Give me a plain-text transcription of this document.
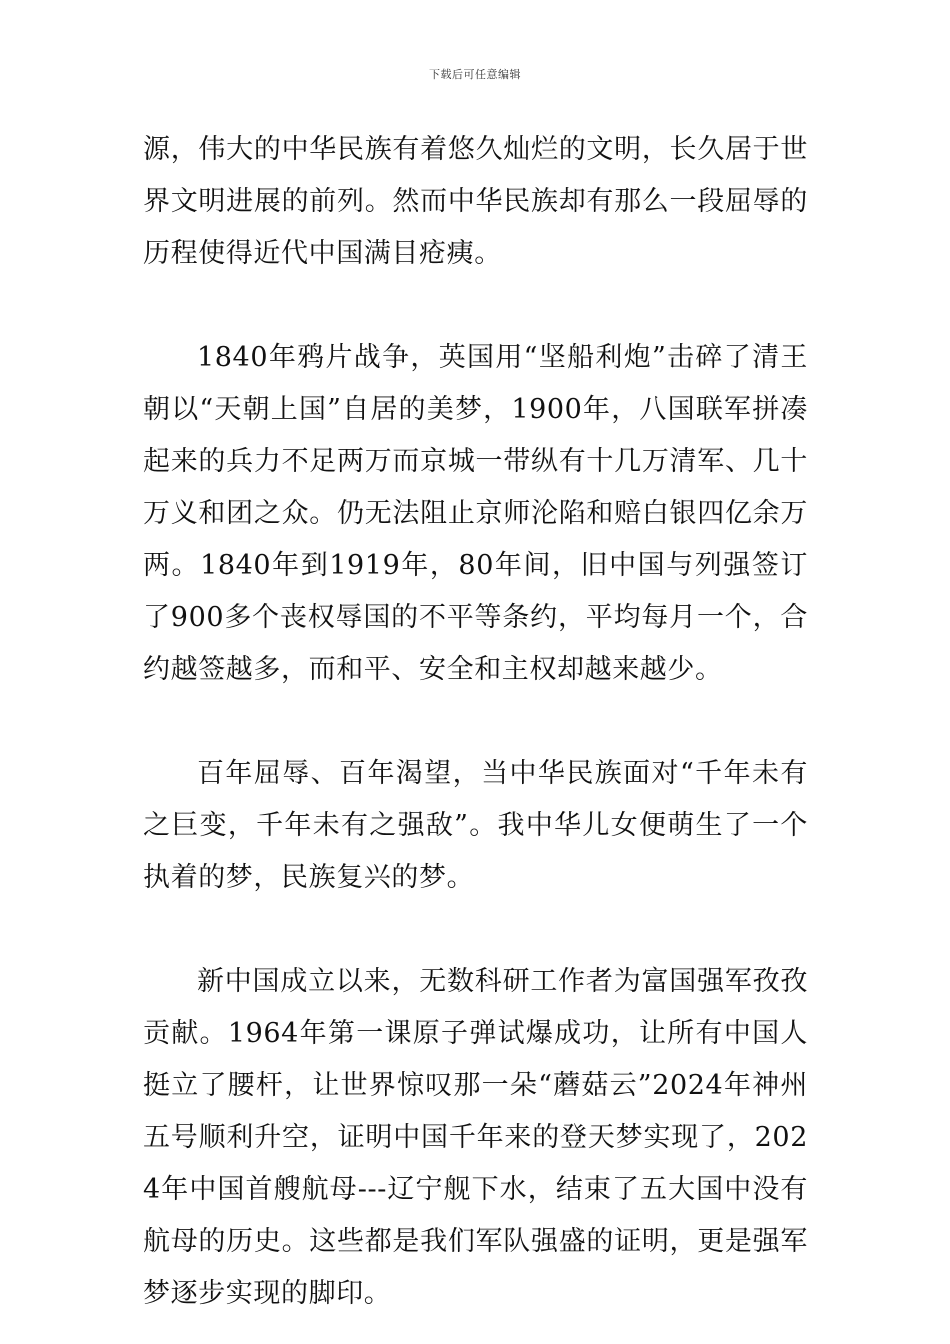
下载后可任意编辑

源，伟大的中华民族有着悠久灿烂的文明，长久居于世界文明进展的前列。然而中华民族却有那么一段屈辱的历程使得近代中国满目疮痍。

1840年鸦片战争，英国用“坚船利炮”击碎了清王朝以“天朝上国”自居的美梦，1900年，八国联军拼凑起来的兵力不足两万而京城一带纵有十几万清军、几十万义和团之众。仍无法阻止京师沦陷和赔白银四亿余万两。1840年到1919年，80年间，旧中国与列强签订了900多个丧权辱国的不平等条约，平均每月一个，合约越签越多，而和平、安全和主权却越来越少。

百年屈辱、百年渴望，当中华民族面对“千年未有之巨变，千年未有之强敌”。我中华儿女便萌生了一个执着的梦，民族复兴的梦。

新中国成立以来，无数科研工作者为富国强军孜孜贡献。1964年第一课原子弹试爆成功，让所有中国人挺立了腰杆，让世界惊叹那一朵“蘑菇云”2024年神州五号顺利升空，证明中国千年来的登天梦实现了，2024年中国首艘航母---辽宁舰下水，结束了五大国中没有航母的历史。这些都是我们军队强盛的证明，更是强军梦逐步实现的脚印。
